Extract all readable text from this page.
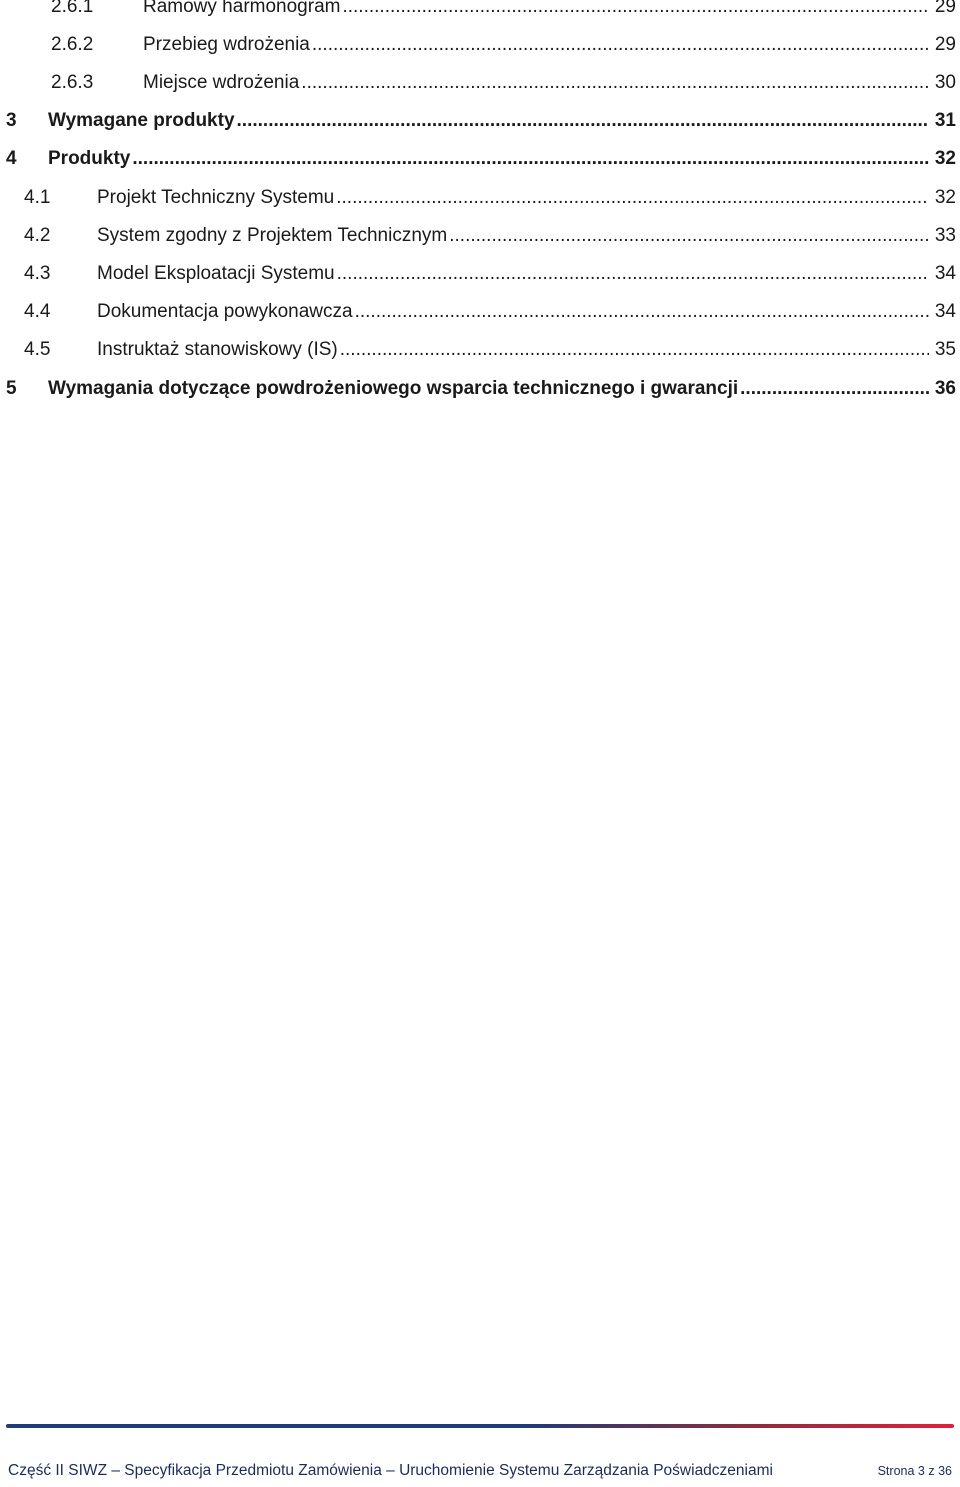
2.6.1	Ramowy harmonogram .....	29
2.6.2	Przebieg wdrożenia .....	29
2.6.3	Miejsce wdrożenia .....	30
3	Wymagane produkty .....	31
4	Produkty .....	32
4.1	Projekt Techniczny Systemu .....	32
4.2	System zgodny z Projektem Technicznym .....	33
4.3	Model Eksploatacji Systemu .....	34
4.4	Dokumentacja powykonawcza .....	34
4.5	Instruktaż stanowiskowy (IS) .....	35
5	Wymagania dotyczące powdrożeniowego wsparcia technicznego i gwarancji .....	36
Część II SIWZ – Specyfikacja Przedmiotu Zamówienia – Uruchomienie Systemu Zarządzania Poświadczeniami	Strona 3 z 36
